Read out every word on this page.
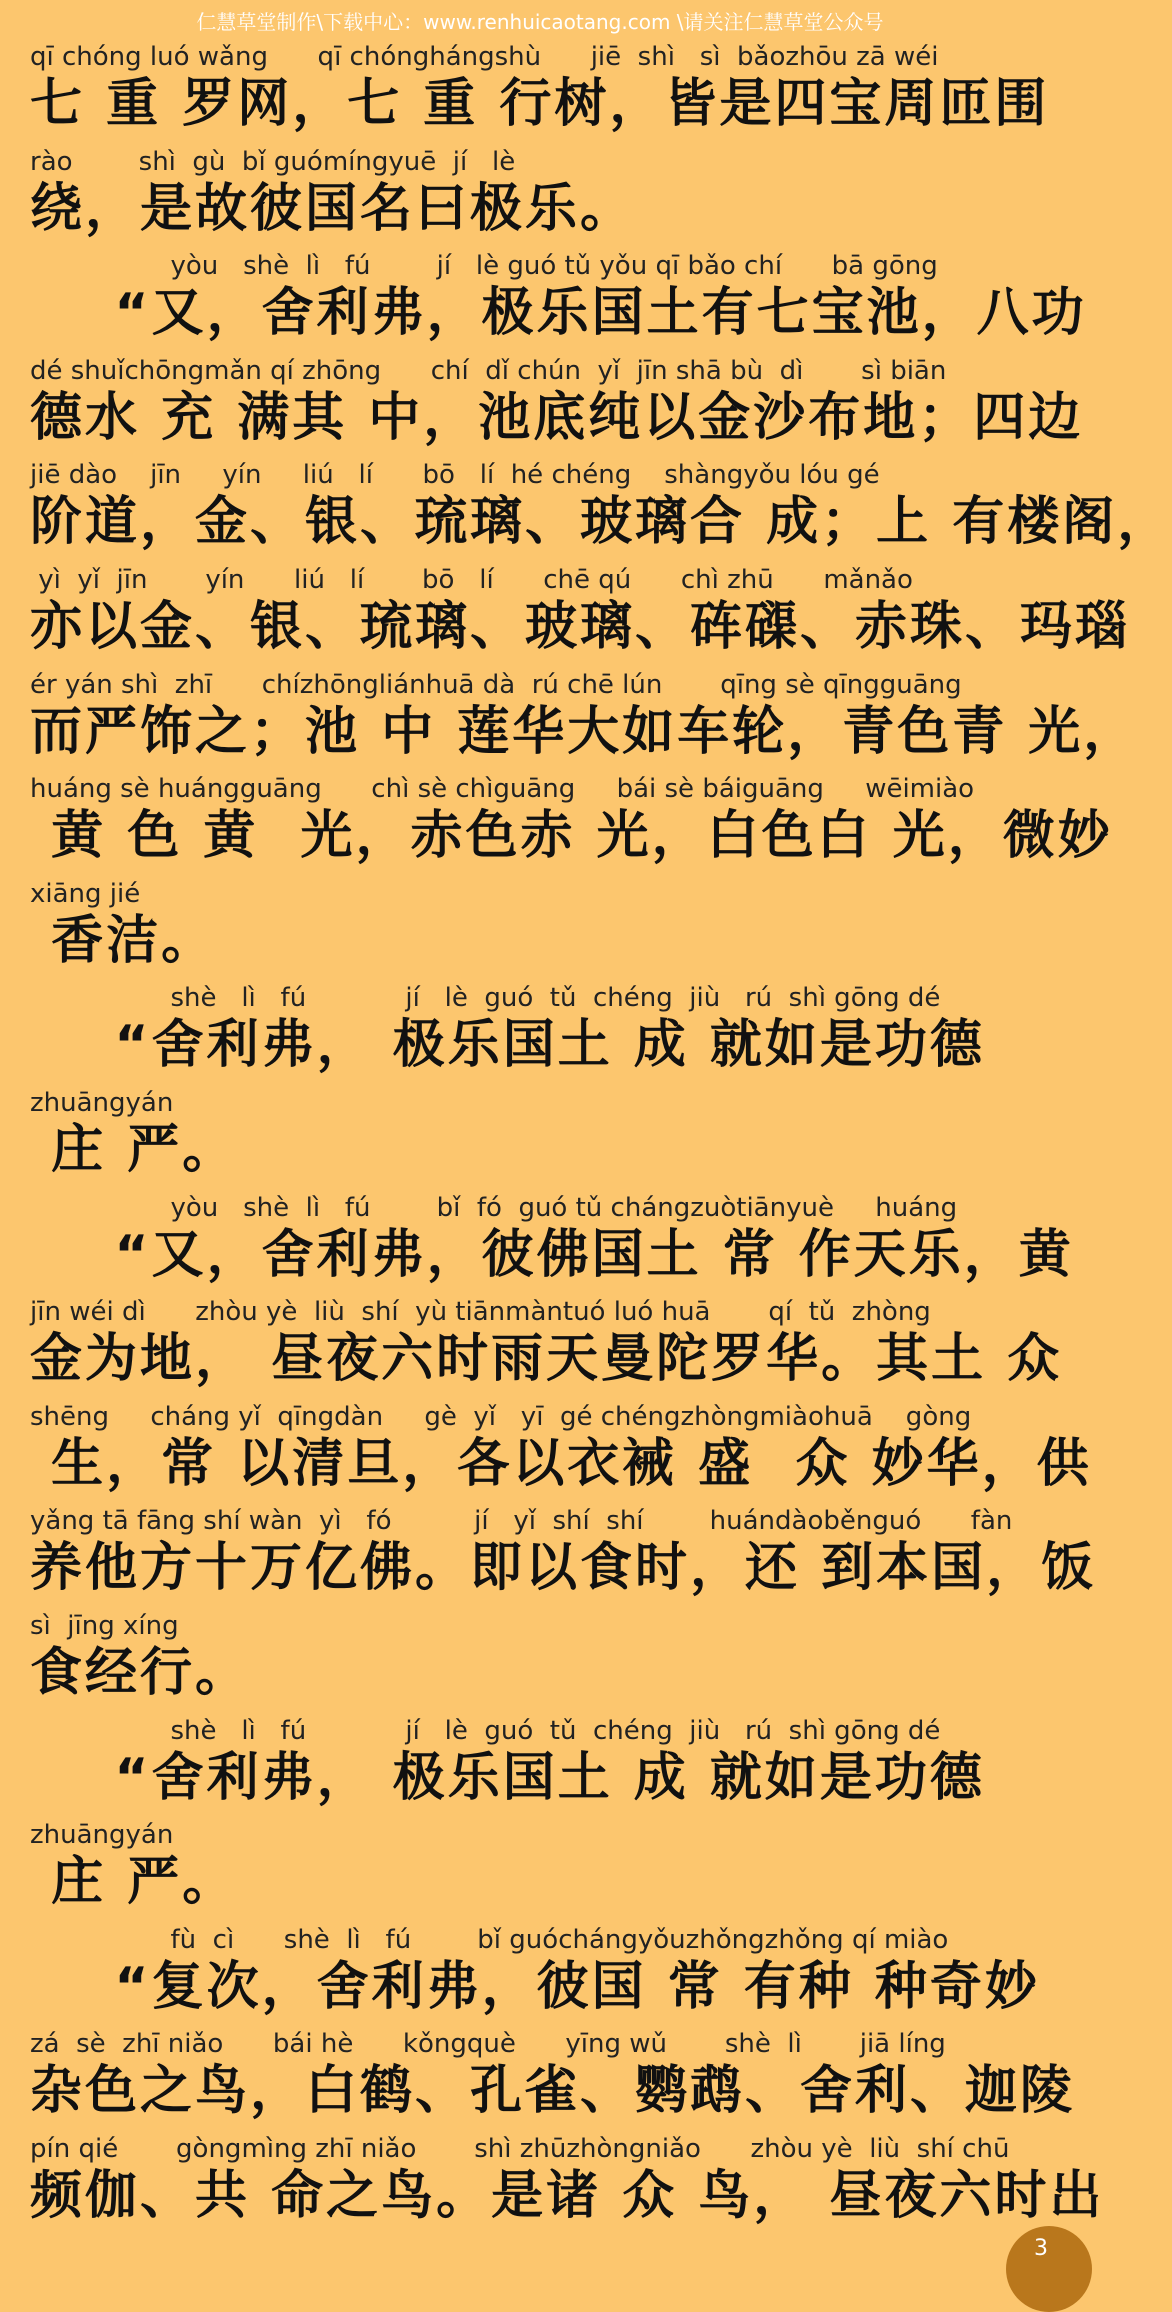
仁慧草堂制作\下载中心：www.renhuicaotang.com \请关注仁慧草堂公众号
qī chóng luó wǎng      qī chónghángshù      jiē  shì   sì  bǎozhōu zā wéi
七 重 罗网，七 重 行树，皆是四宝周匝围
rào        shì  gù  bǐ guómíngyuē  jí   lè
绕，是故彼国名曰极乐。
yòu   shè  lì   fú        jí   lè guó tǔ yǒu qī bǎo chí      bā gōng
“又，舍利弗，极乐国土有七宝池，八功
dé shuǐchōngmǎn qí zhōng      chí  dǐ chún  yǐ  jīn shā bù  dì       sì biān
德水 充 满其 中，池底纯以金沙布地；四边
jiē dào    jīn     yín     liú   lí      bō   lí  hé chéng    shàngyǒu lóu gé
阶道，金、银、琉璃、玻璃合 成；上 有楼阁，
yì  yǐ  jīn       yín      liú   lí       bō   lí      chē qú      chì zhū      mǎnǎo
亦以金、银、琉璃、玻璃、砗磲、赤珠、玛瑙
ér yán shì  zhī      chízhōngliánhuā dà  rú chē lún       qīng sè qīngguāng
而严饰之；池 中 莲华大如车轮，青色青 光，
huáng sè huángguāng      chì sè chìguāng     bái sè báiguāng     wēimiào
黄 色 黄  光，赤色赤 光，白色白 光，微妙
xiāng jié
香洁。
shè   lì   fú            jí   lè  guó  tǔ  chéng  jiù   rú  shì gōng dé
“舍利弗， 极乐国土 成 就如是功德
zhuāngyán
庄 严。
yòu   shè  lì   fú        bǐ  fó  guó tǔ chángzuòtiānyuè     huáng
“又，舍利弗，彼佛国土 常 作天乐，黄
jīn wéi dì      zhòu yè  liù  shí  yù tiānmàntuó luó huā       qí  tǔ  zhòng
金为地， 昼夜六时雨天曼陀罗华。其土 众
shēng     cháng yǐ  qīngdàn     gè  yǐ   yī  gé chéngzhòngmiàohuā    gòng
生，常 以清旦，各以衣裓 盛  众 妙华，供
yǎng tā fāng shí wàn  yì   fó          jí   yǐ  shí  shí        huándàoběnguó      fàn
养他方十万亿佛。即以食时，还 到本国，饭
sì  jīng xíng
食经行。
shè   lì   fú            jí   lè  guó  tǔ  chéng  jiù   rú  shì gōng dé
“舍利弗， 极乐国土 成 就如是功德
zhuāngyán
庄 严。
fù  cì      shè  lì   fú        bǐ guóchángyǒuzhǒngzhǒng qí miào
“复次，舍利弗，彼国 常 有种 种奇妙
zá  sè  zhī niǎo      bái hè      kǒngquè      yīng wǔ       shè  lì       jiā líng
杂色之鸟，白鹤、孔雀、鹦鹉、舍利、迦陵
pín qié       gòngmìng zhī niǎo       shì zhūzhòngniǎo      zhòu yè  liù  shí chū
频伽、共 命之鸟。是诸 众 鸟， 昼夜六时出
3
